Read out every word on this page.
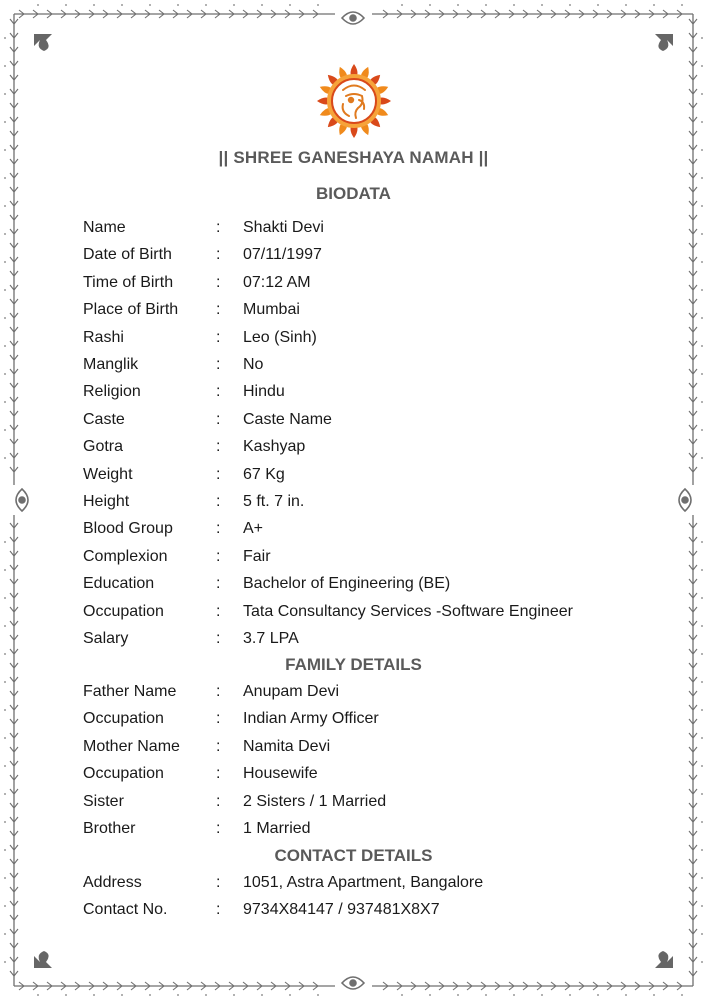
|| SHREE GANESHAYA NAMAH ||
BIODATA
FAMILY DETAILS
CONTACT DETAILS
Name	: Shakti Devi
Date of Birth	: 07/11/1997
Time of Birth	: 07:12 AM
Place of Birth : Mumbai
Rashi	: Leo (Sinh)
Manglik	: No
Religion	: Hindu
Caste	: Caste Name
Gotra	: Kashyap
Weight	: 67 Kg
Height	: 5 ft. 7 in.
Blood Group	: A+
Complexion	: Fair
Education	: Bachelor of Engineering (BE)
Occupation	: Tata Consultancy Services -Software Engineer
Salary	: 3.7 LPA
Father Name : Anupam Devi
Occupation	: Indian Army Officer
Mother Name : Namita Devi
Occupation	: Housewife
Sister	: 2 Sisters / 1 Married
Brother	: 1 Married
Address	: 1051, Astra Apartment, Bangalore
Contact No.	: 9734X84147 / 937481X8X7
